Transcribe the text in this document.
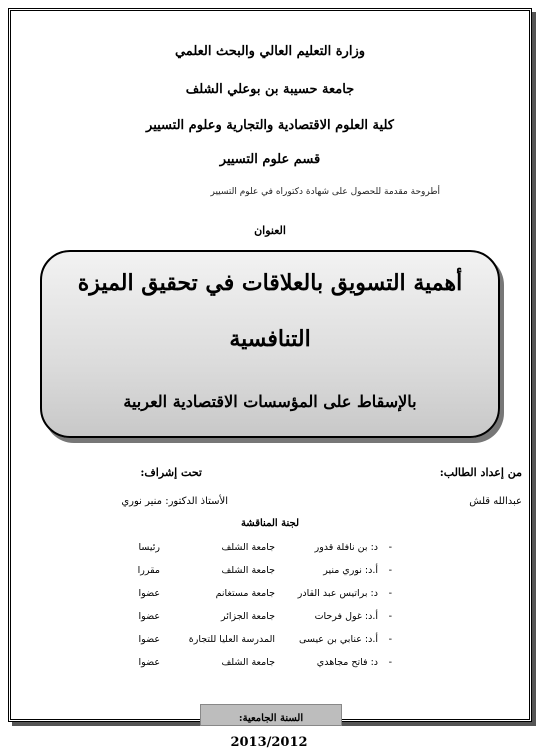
وزارة التعليم العالي والبحث العلمي
جامعة حسيبة بن بوعلي الشلف
كلية العلوم الاقتصادية والتجارية وعلوم التسيير
قسم علوم التسيير
أطروحة مقدمة للحصول على شهادة دكتوراه في علوم التسيير
العنوان
أهمية التسويق بالعلاقات في تحقيق الميزة
التنافسية
بالإسقاط على المؤسسات الاقتصادية العربية
من إعداد الطالب:
تحت إشراف:
عبدالله قلش
الأستاذ الدكتور: منير نوري
لجنة المناقشة
-
د: بن نافلة قدور
جامعة الشلف
رئيسا
-
أ.د: نوري منير
جامعة الشلف
مقررا
-
د: براتيس عبد القادر
جامعة مستغانم
عضوا
-
أ.د: غول فرحات
جامعة الجزائر
عضوا
-
أ.د: عنابي بن عيسى
المدرسة العليا للتجارة
عضوا
-
د: فاتح مجاهدي
جامعة الشلف
عضوا
السنة الجامعية: 2013/2012
